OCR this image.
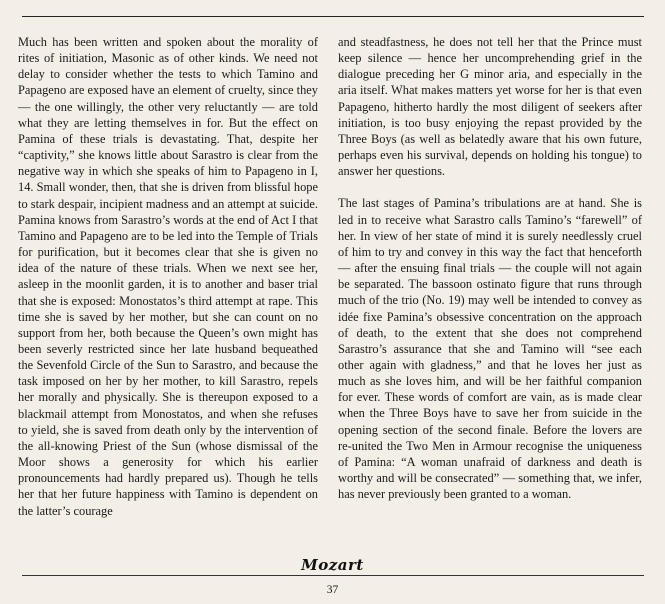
Much has been written and spoken about the morality of rites of initiation, Masonic as of other kinds. We need not delay to consider whether the tests to which Tamino and Papageno are exposed have an element of cruelty, since they — the one willingly, the other very reluctantly — are told what they are letting themselves in for. But the effect on Pamina of these trials is devastating. That, despite her “captivity,” she knows little about Sarastro is clear from the negative way in which she speaks of him to Papageno in I, 14. Small wonder, then, that she is driven from blissful hope to stark despair, incipient madness and an attempt at suicide. Pamina knows from Sarastro’s words at the end of Act I that Tamino and Papageno are to be led into the Temple of Trials for purification, but it becomes clear that she is given no idea of the nature of these trials. When we next see her, asleep in the moonlit garden, it is to another and baser trial that she is exposed: Monostatos’s third attempt at rape. This time she is saved by her mother, but she can count on no support from her, both because the Queen’s own might has been severly restricted since her late husband bequeathed the Sevenfold Circle of the Sun to Sarastro, and because the task imposed on her by her mother, to kill Sarastro, repels her morally and physically. She is thereupon exposed to a blackmail attempt from Monostatos, and when she refuses to yield, she is saved from death only by the intervention of the all-knowing Priest of the Sun (whose dismissal of the Moor shows a generosity for which his earlier pronouncements had hardly prepared us). Though he tells her that her future happiness with Tamino is dependent on the latter’s courage

and steadfastness, he does not tell her that the Prince must keep silence — hence her uncomprehending grief in the dialogue preceding her G minor aria, and especially in the aria itself. What makes matters yet worse for her is that even Papageno, hitherto hardly the most diligent of seekers after initiation, is too busy enjoying the repast provided by the Three Boys (as well as belatedly aware that his own future, perhaps even his survival, depends on holding his tongue) to answer her questions.

The last stages of Pamina’s tribulations are at hand. She is led in to receive what Sarastro calls Tamino’s “farewell” of her. In view of her state of mind it is surely needlessly cruel of him to try and convey in this way the fact that henceforth — after the ensuing final trials — the couple will not again be separated. The bassoon ostinato figure that runs through much of the trio (No. 19) may well be intended to convey as idée fixe Pamina’s obsessive concentration on the approach of death, to the extent that she does not comprehend Sarastro’s assurance that she and Tamino will “see each other again with gladness,” and that he loves her just as much as she loves him, and will be her faithful companion for ever. These words of comfort are vain, as is made clear when the Three Boys have to save her from suicide in the opening section of the second finale. Before the lovers are re-united the Two Men in Armour recognise the uniqueness of Pamina: “A woman unafraid of darkness and death is worthy and will be consecrated” — something that, we infer, has never previously been granted to a woman.

Mozart
37
